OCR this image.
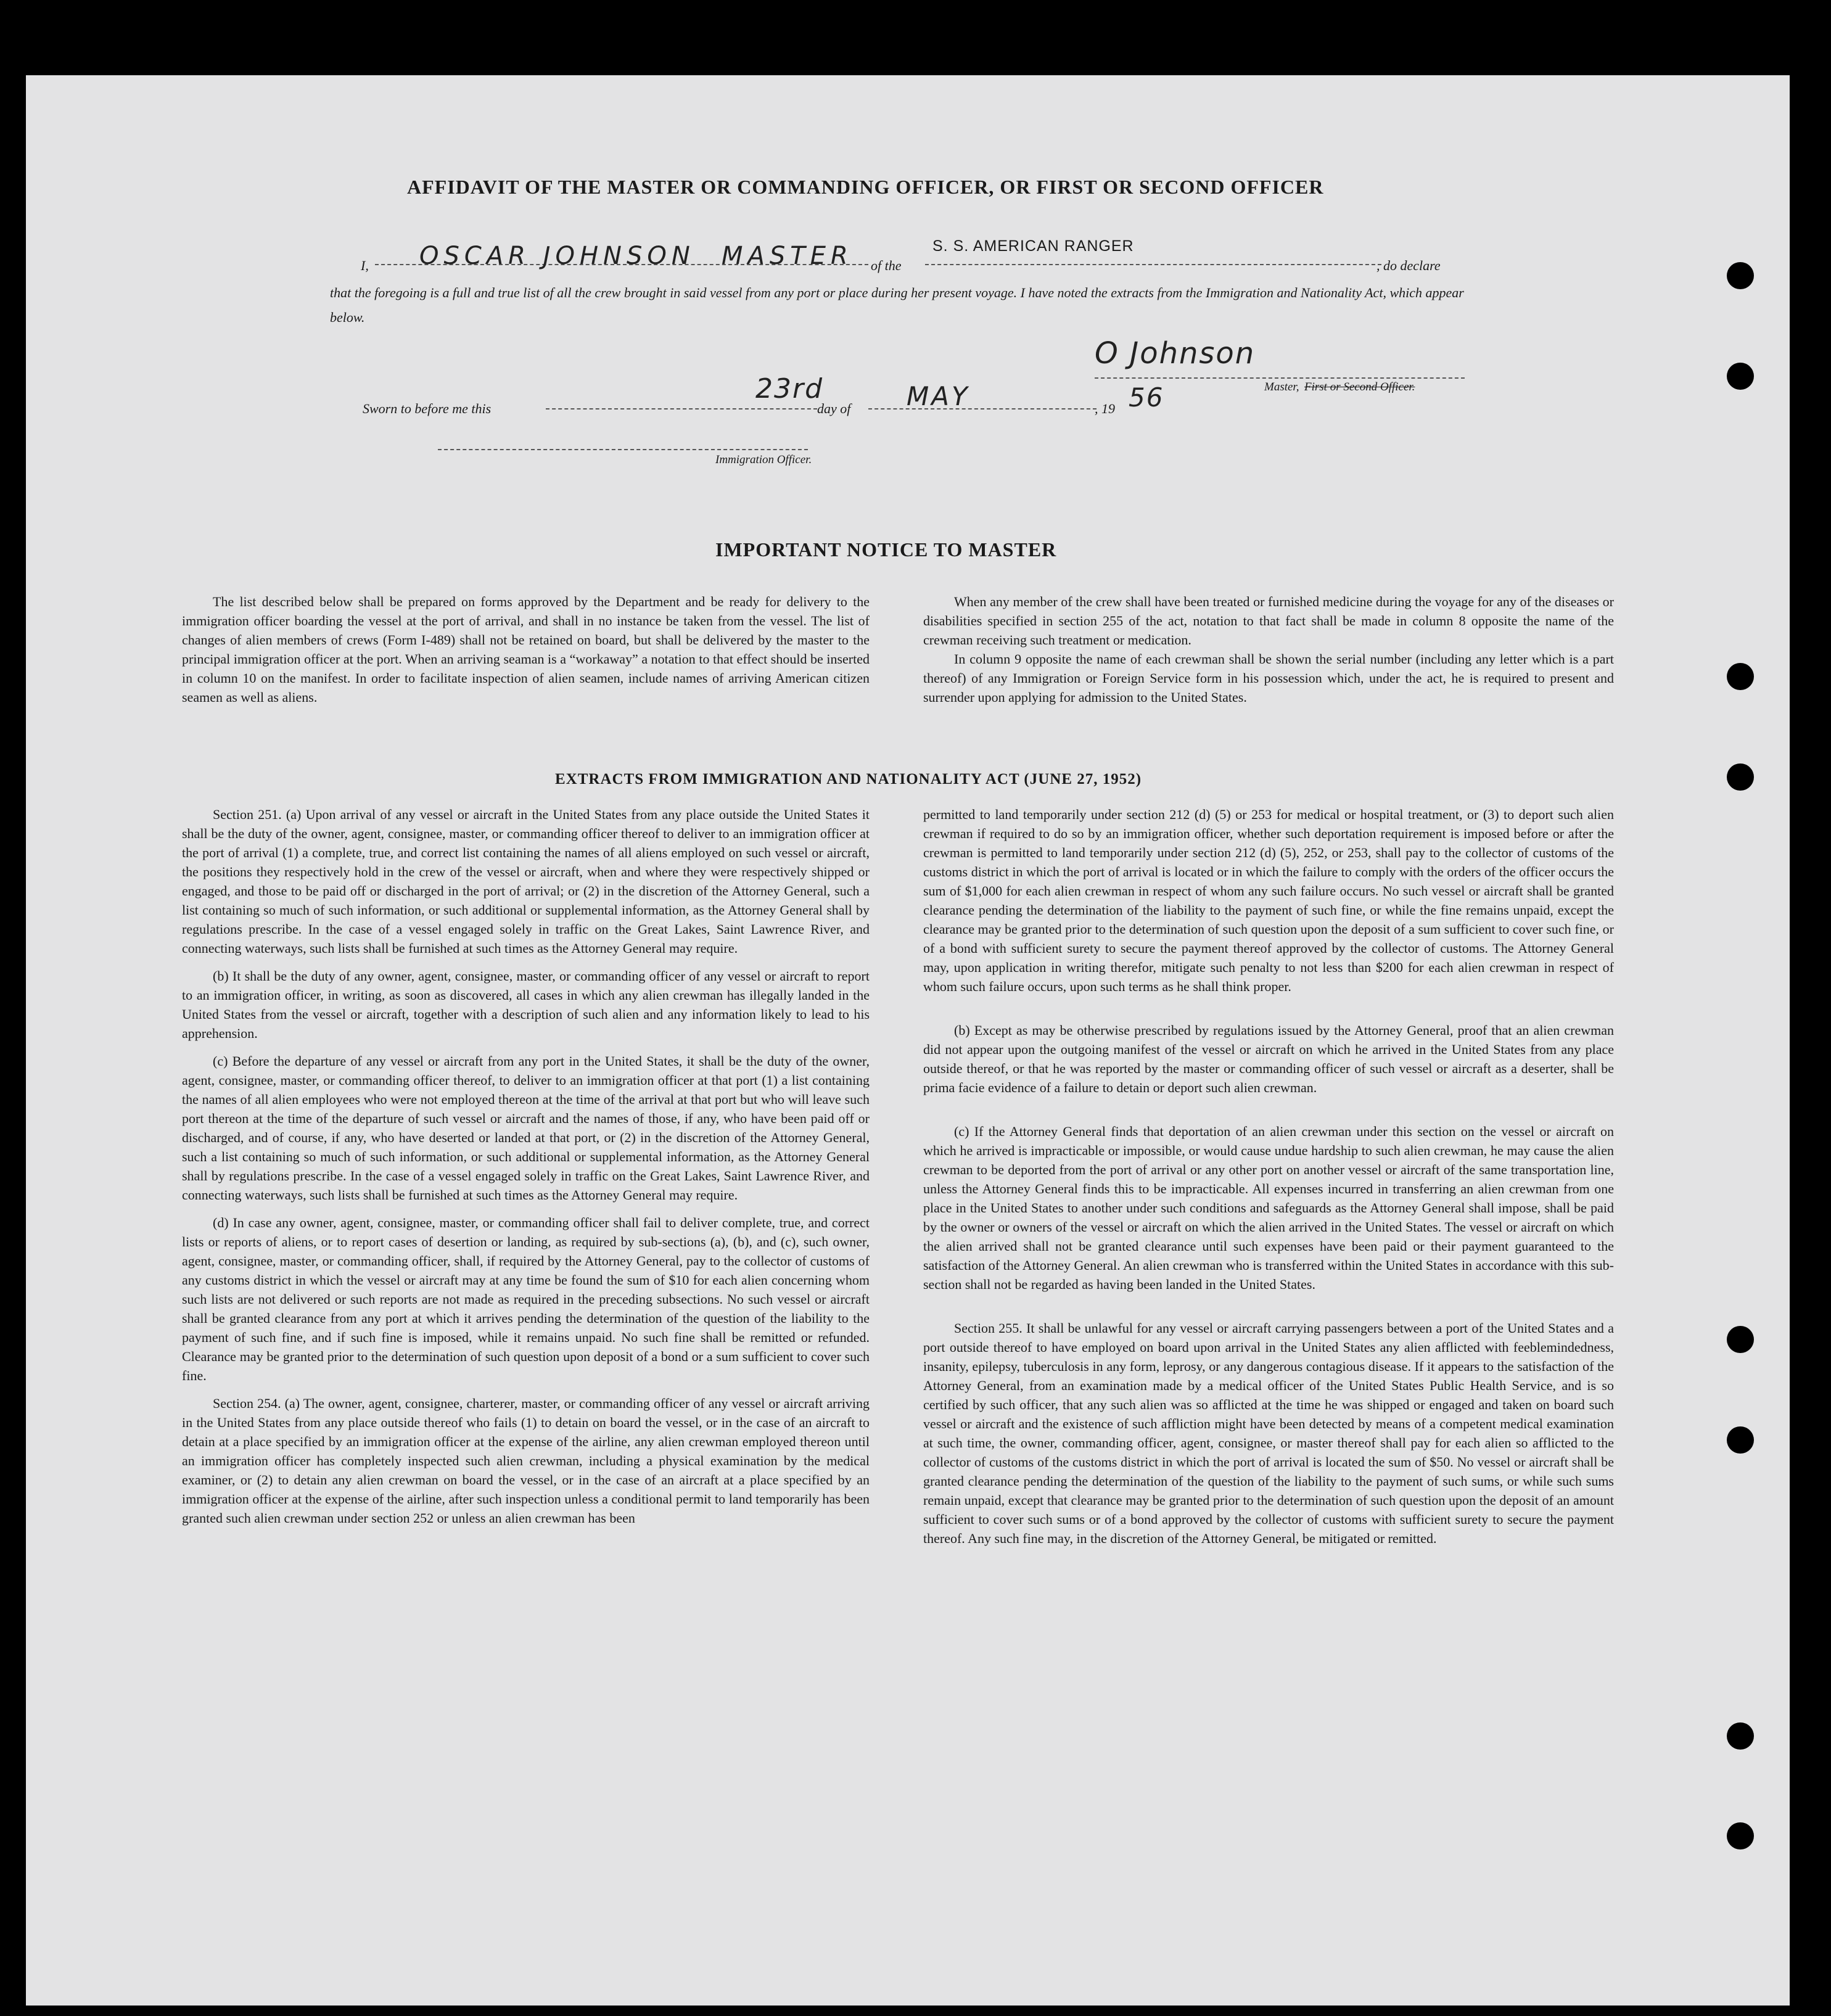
AFFIDAVIT OF THE MASTER OR COMMANDING OFFICER, OR FIRST OR SECOND OFFICER
I, OSCAR JOHNSON MASTER of the
S. S. AMERICAN RANGER
, do declare
that the foregoing is a full and true list of all the crew brought in said vessel from any port or place during her present voyage. I have noted the extracts from the Immigration and Nationality Act, which appear below.
O Johnson
Master, First or Second Officer.
Sworn to before me this
23rd
day of MAY	, 19 56
Immigration Officer.
IMPORTANT NOTICE TO MASTER

The list described below shall be prepared on forms approved by the Department and be ready for delivery to the immigration officer boarding the vessel at the port of arrival, and shall in no instance be taken from the vessel. The list of changes of alien members of crews (Form I-489) shall not be retained on board, but shall be delivered by the master to the principal immigration officer at the port. When an arriving seaman is a “workaway” a notation to that effect should be inserted in column 10 on the manifest. In order to facilitate inspection of alien seamen, include names of arriving American citizen seamen as well as aliens.

When any member of the crew shall have been treated or furnished medicine during the voyage for any of the diseases or disabilities specified in section 255 of the act, notation to that fact shall be made in column 8 opposite the name of the crewman receiving such treatment or medication.

In column 9 opposite the name of each crewman shall be shown the serial number (including any letter which is a part thereof) of any Immigration or Foreign Service form in his possession which, under the act, he is required to present and surrender upon applying for admission to the United States.

EXTRACTS FROM IMMIGRATION AND NATIONALITY ACT (JUNE 27, 1952)

Section 251. (a) Upon arrival of any vessel or aircraft in the United States from any place outside the United States it shall be the duty of the owner, agent, consignee, master, or commanding officer thereof to deliver to an immigration officer at the port of arrival (1) a complete, true, and correct list containing the names of all aliens employed on such vessel or aircraft, the positions they respectively hold in the crew of the vessel or aircraft, when and where they were respectively shipped or engaged, and those to be paid off or discharged in the port of arrival; or (2) in the discretion of the Attorney General, such a list containing so much of such information, or such additional or supplemental information, as the Attorney General shall by regulations prescribe. In the case of a vessel engaged solely in traffic on the Great Lakes, Saint Lawrence River, and connecting waterways, such lists shall be furnished at such times as the Attorney General may require.

(b) It shall be the duty of any owner, agent, consignee, master, or commanding officer of any vessel or aircraft to report to an immigration officer, in writing, as soon as discovered, all cases in which any alien crewman has illegally landed in the United States from the vessel or aircraft, together with a description of such alien and any information likely to lead to his apprehension.

(c) Before the departure of any vessel or aircraft from any port in the United States, it shall be the duty of the owner, agent, consignee, master, or commanding officer thereof, to deliver to an immigration officer at that port (1) a list containing the names of all alien employees who were not employed thereon at the time of the arrival at that port but who will leave such port thereon at the time of the departure of such vessel or aircraft and the names of those, if any, who have been paid off or discharged, and of course, if any, who have deserted or landed at that port, or (2) in the discretion of the Attorney General, such a list containing so much of such information, or such additional or supplemental information, as the Attorney General shall by regulations prescribe. In the case of a vessel engaged solely in traffic on the Great Lakes, Saint Lawrence River, and connecting waterways, such lists shall be furnished at such times as the Attorney General may require.

(d) In case any owner, agent, consignee, master, or commanding officer shall fail to deliver complete, true, and correct lists or reports of aliens, or to report cases of desertion or landing, as required by sub-sections (a), (b), and (c), such owner, agent, consignee, master, or commanding officer, shall, if required by the Attorney General, pay to the collector of customs of any customs district in which the vessel or aircraft may at any time be found the sum of $10 for each alien concerning whom such lists are not delivered or such reports are not made as required in the preceding subsections. No such vessel or aircraft shall be granted clearance from any port at which it arrives pending the determination of the question of the liability to the payment of such fine, and if such fine is imposed, while it remains unpaid. No such fine shall be remitted or refunded. Clearance may be granted prior to the determination of such question upon deposit of a bond or a sum sufficient to cover such fine.

Section 254. (a) The owner, agent, consignee, charterer, master, or commanding officer of any vessel or aircraft arriving in the United States from any place outside thereof who fails (1) to detain on board the vessel, or in the case of an aircraft to detain at a place specified by an immigration officer at the expense of the airline, any alien crewman employed thereon until an immigration officer has completely inspected such alien crewman, including a physical examination by the medical examiner, or (2) to detain any alien crewman on board the vessel, or in the case of an aircraft at a place specified by an immigration officer at the expense of the airline, after such inspection unless a conditional permit to land temporarily has been granted such alien crewman under section 252 or unless an alien crewman has been

permitted to land temporarily under section 212 (d) (5) or 253 for medical or hospital treatment, or (3) to deport such alien crewman if required to do so by an immigration officer, whether such deportation requirement is imposed before or after the crewman is permitted to land temporarily under section 212 (d) (5), 252, or 253, shall pay to the collector of customs of the customs district in which the port of arrival is located or in which the failure to comply with the orders of the officer occurs the sum of $1,000 for each alien crewman in respect of whom any such failure occurs. No such vessel or aircraft shall be granted clearance pending the determination of the liability to the payment of such fine, or while the fine remains unpaid, except the clearance may be granted prior to the determination of such question upon the deposit of a sum sufficient to cover such fine, or of a bond with sufficient surety to secure the payment thereof approved by the collector of customs. The Attorney General may, upon application in writing therefor, mitigate such penalty to not less than $200 for each alien crewman in respect of whom such failure occurs, upon such terms as he shall think proper.

(b) Except as may be otherwise prescribed by regulations issued by the Attorney General, proof that an alien crewman did not appear upon the outgoing manifest of the vessel or aircraft on which he arrived in the United States from any place outside thereof, or that he was reported by the master or commanding officer of such vessel or aircraft as a deserter, shall be prima facie evidence of a failure to detain or deport such alien crewman.

(c) If the Attorney General finds that deportation of an alien crewman under this section on the vessel or aircraft on which he arrived is impracticable or impossible, or would cause undue hardship to such alien crewman, he may cause the alien crewman to be deported from the port of arrival or any other port on another vessel or aircraft of the same transportation line, unless the Attorney General finds this to be impracticable. All expenses incurred in transferring an alien crewman from one place in the United States to another under such conditions and safeguards as the Attorney General shall impose, shall be paid by the owner or owners of the vessel or aircraft on which the alien arrived in the United States. The vessel or aircraft on which the alien arrived shall not be granted clearance until such expenses have been paid or their payment guaranteed to the satisfaction of the Attorney General. An alien crewman who is transferred within the United States in accordance with this sub-section shall not be regarded as having been landed in the United States.

Section 255. It shall be unlawful for any vessel or aircraft carrying passengers between a port of the United States and a port outside thereof to have employed on board upon arrival in the United States any alien afflicted with feeblemindedness, insanity, epilepsy, tuberculosis in any form, leprosy, or any dangerous contagious disease. If it appears to the satisfaction of the Attorney General, from an examination made by a medical officer of the United States Public Health Service, and is so certified by such officer, that any such alien was so afflicted at the time he was shipped or engaged and taken on board such vessel or aircraft and the existence of such affliction might have been detected by means of a competent medical examination at such time, the owner, commanding officer, agent, consignee, or master thereof shall pay for each alien so afflicted to the collector of customs of the customs district in which the port of arrival is located the sum of $50. No vessel or aircraft shall be granted clearance pending the determination of the question of the liability to the payment of such sums, or while such sums remain unpaid, except that clearance may be granted prior to the determination of such question upon the deposit of an amount sufficient to cover such sums or of a bond approved by the collector of customs with sufficient surety to secure the payment thereof. Any such fine may, in the discretion of the Attorney General, be mitigated or remitted.
